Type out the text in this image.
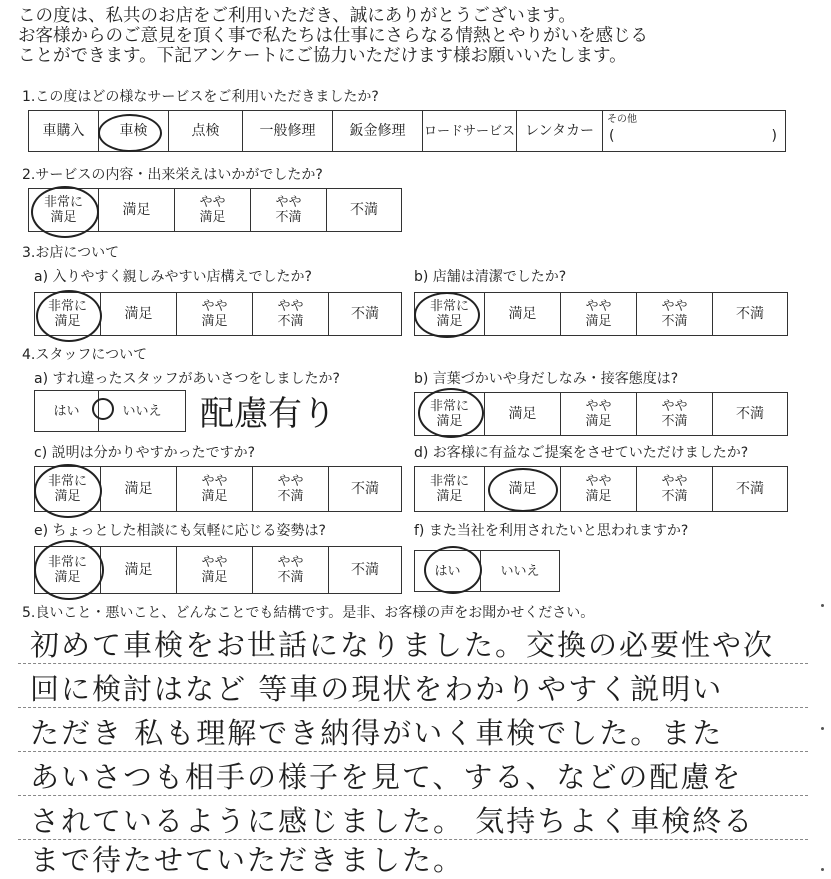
この度は、私共のお店をご利用いただき、誠にありがとうございます。
お客様からのご意見を頂く事で私たちは仕事にさらなる情熱とやりがいを感じる
ことができます。下記アンケートにご協力いただけます様お願いいたします。
1.この度はどの様なサービスをご利用いただきましたか?
車購入	車検	点検	一般修理	鈑金修理	ロードサービス レンタカー
その他
(	)
2.サービスの内容・出来栄えはいかがでしたか?
非常に
満足	満足	やや
満足
やや
不満	不満
3.お店について
a) 入りやすく親しみやすい店構えでしたか?
非常に
満足	満足	やや
満足
やや
不満	不満
b) 店舗は清潔でしたか?
非常に
満足	満足	やや
満足
やや
不満	不満
4.スタッフについて
a) すれ違ったスタッフがあいさつをしましたか?
はい	いいえ	配慮有り
b) 言葉づかいや身だしなみ・接客態度は?
非常に
満足	満足	やや
満足
やや
不満	不満
c) 説明は分かりやすかったですか?
非常に
満足	満足	やや
満足
やや
不満	不満
d) お客様に有益なご提案をさせていただけましたか?
非常に
満足	満足	やや
満足
やや
不満	不満
e) ちょっとした相談にも気軽に応じる姿勢は?
非常に
満足	満足	やや
満足
やや
不満	不満
f) また当社を利用されたいと思われますか?
はい	いいえ
5.良いこと・悪いこと、どんなことでも結構です。是非、お客様の声をお聞かせください。
初めて車検をお世話になりました。交換の必要性や次
回に検討はなど 等車の現状をわかりやすく説明い
ただき 私も理解でき納得がいく車検でした。また
あいさつも相手の様子を見て、する、などの配慮を
されているように感じました。 気持ちよく車検終る
まで待たせていただきました。
